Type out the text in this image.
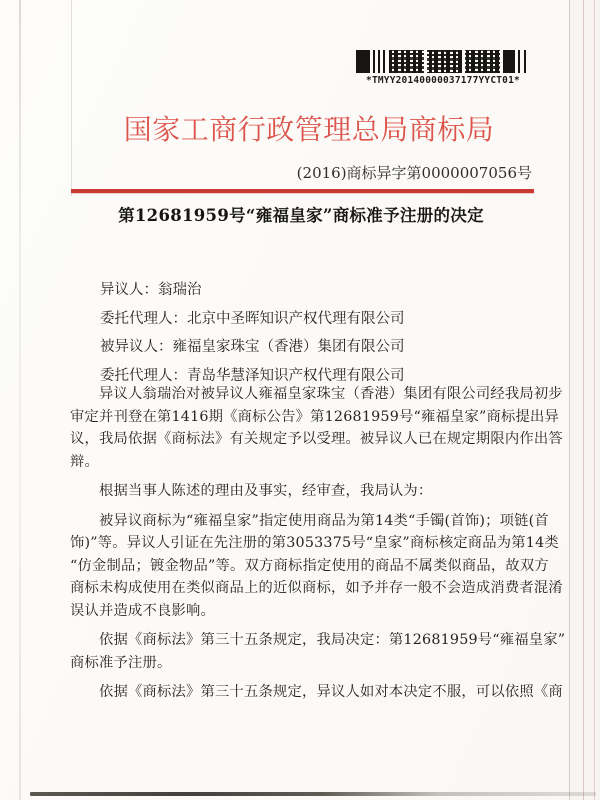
*TMYY20140000037177YYCT01*
国家工商行政管理总局商标局
(2016)商标异字第0000007056号
第12681959号“雍福皇家”商标准予注册的决定
异议人：翁瑞治
委托代理人：北京中圣晖知识产权代理有限公司
被异议人：雍福皇家珠宝（香港）集团有限公司
委托代理人：青岛华慧泽知识产权代理有限公司
异议人翁瑞治对被异议人雍福皇家珠宝（香港）集团有限公司经我局初步
审定并刊登在第1416期《商标公告》第12681959号“雍福皇家”商标提出异
议，我局依据《商标法》有关规定予以受理。被异议人已在规定期限内作出答
辩。
根据当事人陈述的理由及事实，经审查，我局认为：
被异议商标为“雍福皇家”指定使用商品为第14类“手镯(首饰)；项链(首
饰)”等。异议人引证在先注册的第3053375号“皇家”商标核定商品为第14类
“仿金制品；镀金物品”等。双方商标指定使用的商品不属类似商品，故双方
商标未构成使用在类似商品上的近似商标，如予并存一般不会造成消费者混淆
误认并造成不良影响。
依据《商标法》第三十五条规定，我局决定：第12681959号“雍福皇家”
商标准予注册。
依据《商标法》第三十五条规定，异议人如对本决定不服，可以依照《商
